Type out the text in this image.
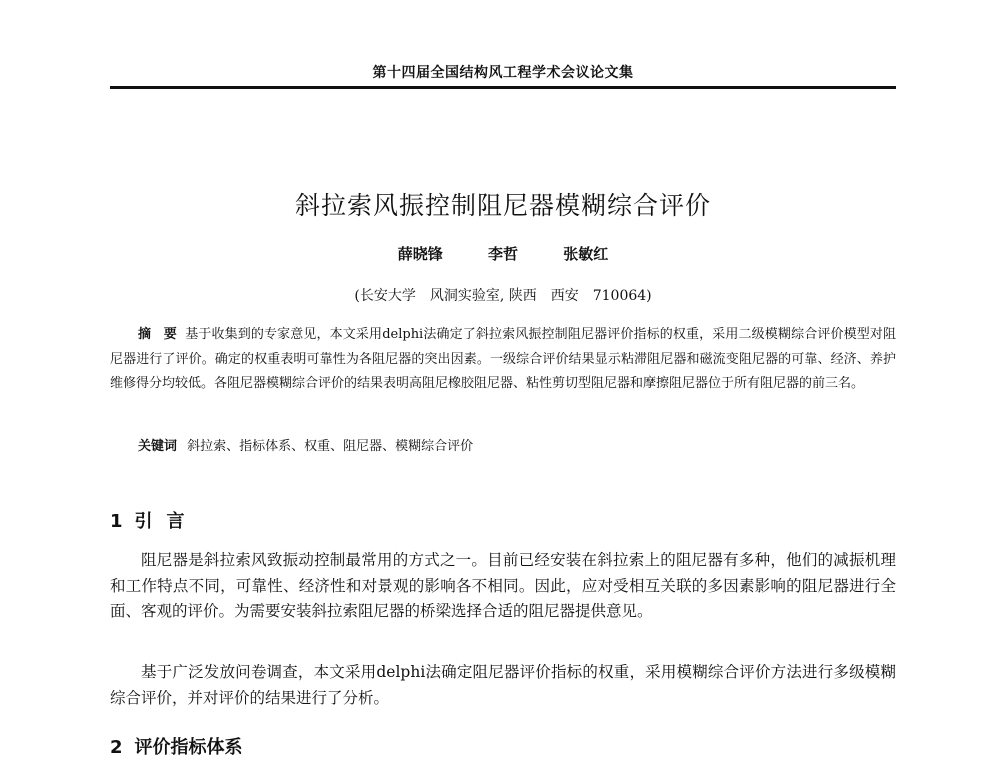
第十四届全国结构风工程学术会议论文集
斜拉索风振控制阻尼器模糊综合评价
薛晓锋	李哲	张敏红
(长安大学　风洞实验室, 陕西　西安　710064)

摘 要 基于收集到的专家意见，本文采用delphi法确定了斜拉索风振控制阻尼器评价指标的权重，采用二级模糊综合评价模型对阻尼器进行了评价。确定的权重表明可靠性为各阻尼器的突出因素。一级综合评价结果显示粘滞阻尼器和磁流变阻尼器的可靠、经济、养护维修得分均较低。各阻尼器模糊综合评价的结果表明高阻尼橡胶阻尼器、粘性剪切型阻尼器和摩擦阻尼器位于所有阻尼器的前三名。

关键词 斜拉索、指标体系、权重、阻尼器、模糊综合评价
1 引言

阻尼器是斜拉索风致振动控制最常用的方式之一。目前已经安装在斜拉索上的阻尼器有多种，他们的减振机理和工作特点不同，可靠性、经济性和对景观的影响各不相同。因此，应对受相互关联的多因素影响的阻尼器进行全面、客观的评价。为需要安装斜拉索阻尼器的桥梁选择合适的阻尼器提供意见。

基于广泛发放问卷调查，本文采用delphi法确定阻尼器评价指标的权重，采用模糊综合评价方法进行多级模糊综合评价，并对评价的结果进行了分析。

2 评价指标体系
